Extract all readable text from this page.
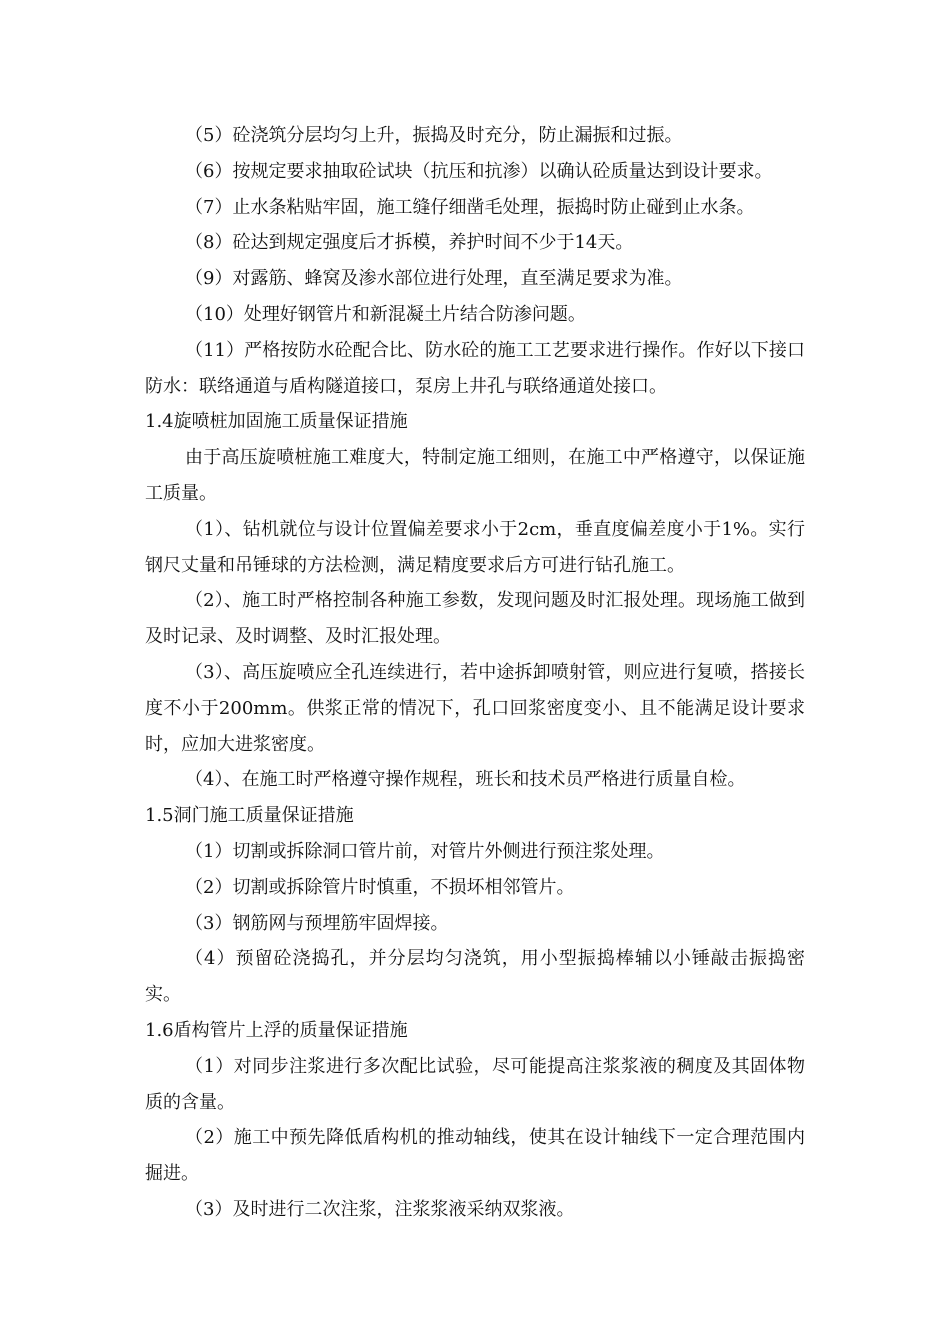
（5）砼浇筑分层均匀上升，振捣及时充分，防止漏振和过振。

（6）按规定要求抽取砼试块（抗压和抗渗）以确认砼质量达到设计要求。

（7）止水条粘贴牢固，施工缝仔细凿毛处理，振捣时防止碰到止水条。

（8）砼达到规定强度后才拆模，养护时间不少于14天。

（9）对露筋、蜂窝及渗水部位进行处理，直至满足要求为准。

（10）处理好钢管片和新混凝土片结合防渗问题。

（11）严格按防水砼配合比、防水砼的施工工艺要求进行操作。作好以下接口防水：联络通道与盾构隧道接口，泵房上井孔与联络通道处接口。

1.4旋喷桩加固施工质量保证措施

由于高压旋喷桩施工难度大，特制定施工细则，在施工中严格遵守，以保证施工质量。

（1）、钻机就位与设计位置偏差要求小于2cm，垂直度偏差度小于1%。实行钢尺丈量和吊锤球的方法检测，满足精度要求后方可进行钻孔施工。

（2）、施工时严格控制各种施工参数，发现问题及时汇报处理。现场施工做到及时记录、及时调整、及时汇报处理。

（3）、高压旋喷应全孔连续进行，若中途拆卸喷射管，则应进行复喷，搭接长度不小于200mm。供浆正常的情况下，孔口回浆密度变小、且不能满足设计要求时，应加大进浆密度。

（4）、在施工时严格遵守操作规程，班长和技术员严格进行质量自检。

1.5洞门施工质量保证措施

（1）切割或拆除洞口管片前，对管片外侧进行预注浆处理。

（2）切割或拆除管片时慎重，不损坏相邻管片。

（3）钢筋网与预埋筋牢固焊接。

（4）预留砼浇捣孔，并分层均匀浇筑，用小型振捣棒辅以小锤敲击振捣密实。

1.6盾构管片上浮的质量保证措施

（1）对同步注浆进行多次配比试验，尽可能提高注浆浆液的稠度及其固体物质的含量。

（2）施工中预先降低盾构机的推动轴线，使其在设计轴线下一定合理范围内掘进。

（3）及时进行二次注浆，注浆浆液采纳双浆液。
